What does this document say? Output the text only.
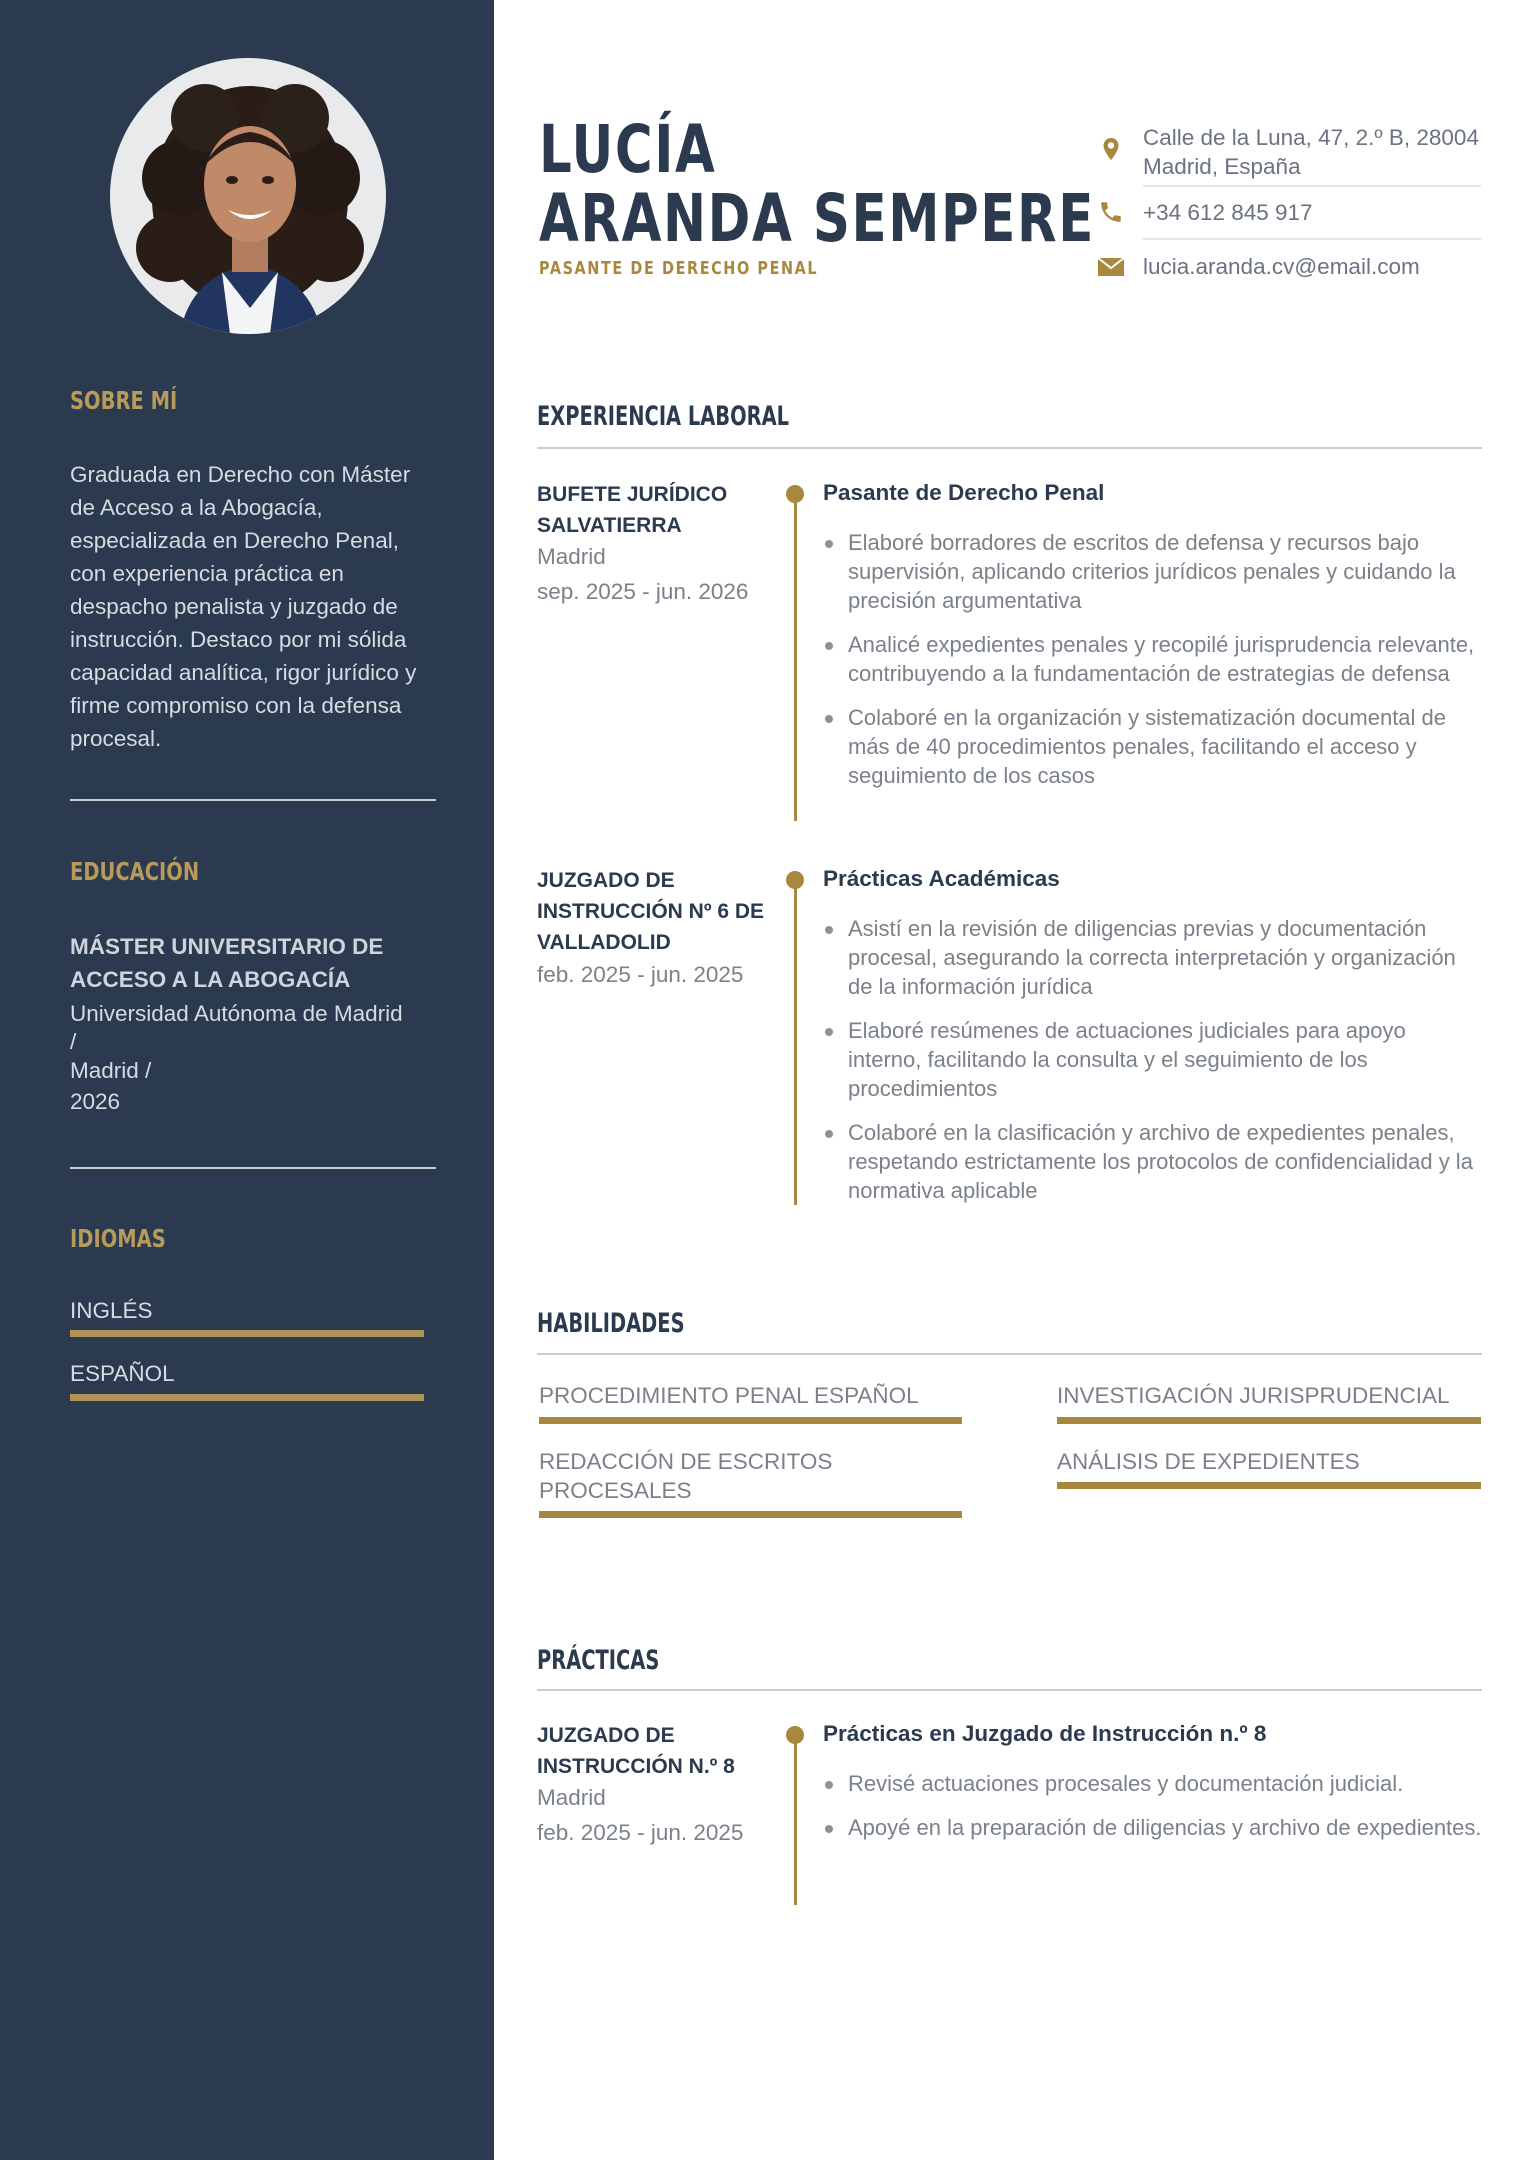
SOBRE MÍ
Graduada en Derecho con Máster de Acceso a la Abogacía, especializada en Derecho Penal, con experiencia práctica en despacho penalista y juzgado de instrucción. Destaco por mi sólida capacidad analítica, rigor jurídico y firme compromiso con la defensa procesal.
EDUCACIÓN
MÁSTER UNIVERSITARIO DE ACCESO A LA ABOGACÍA
Universidad Autónoma de Madrid
/
Madrid /
2026
IDIOMAS
INGLÉS
ESPAÑOL
LUCÍA
ARANDA SEMPERE
PASANTE DE DERECHO PENAL
Calle de la Luna, 47, 2.º B, 28004
Madrid, España
+34 612 845 917
lucia.aranda.cv@email.com
EXPERIENCIA LABORAL
BUFETE JURÍDICO SALVATIERRA
Madrid
sep. 2025 - jun. 2026
Pasante de Derecho Penal
Elaboré borradores de escritos de defensa y recursos bajo supervisión, aplicando criterios jurídicos penales y cuidando la precisión argumentativa
Analicé expedientes penales y recopilé jurisprudencia relevante, contribuyendo a la fundamentación de estrategias de defensa
Colaboré en la organización y sistematización documental de más de 40 procedimientos penales, facilitando el acceso y seguimiento de los casos
JUZGADO DE INSTRUCCIÓN Nº 6 DE VALLADOLID
feb. 2025 - jun. 2025
Prácticas Académicas
Asistí en la revisión de diligencias previas y documentación procesal, asegurando la correcta interpretación y organización de la información jurídica
Elaboré resúmenes de actuaciones judiciales para apoyo interno, facilitando la consulta y el seguimiento de los procedimientos
Colaboré en la clasificación y archivo de expedientes penales, respetando estrictamente los protocolos de confidencialidad y la normativa aplicable
HABILIDADES
PROCEDIMIENTO PENAL ESPAÑOL	INVESTIGACIÓN JURISPRUDENCIAL
REDACCIÓN DE ESCRITOS PROCESALES
ANÁLISIS DE EXPEDIENTES
PRÁCTICAS
JUZGADO DE INSTRUCCIÓN N.º 8
Madrid
feb. 2025 - jun. 2025
Prácticas en Juzgado de Instrucción n.º 8
Revisé actuaciones procesales y documentación judicial.
Apoyé en la preparación de diligencias y archivo de expedientes.
